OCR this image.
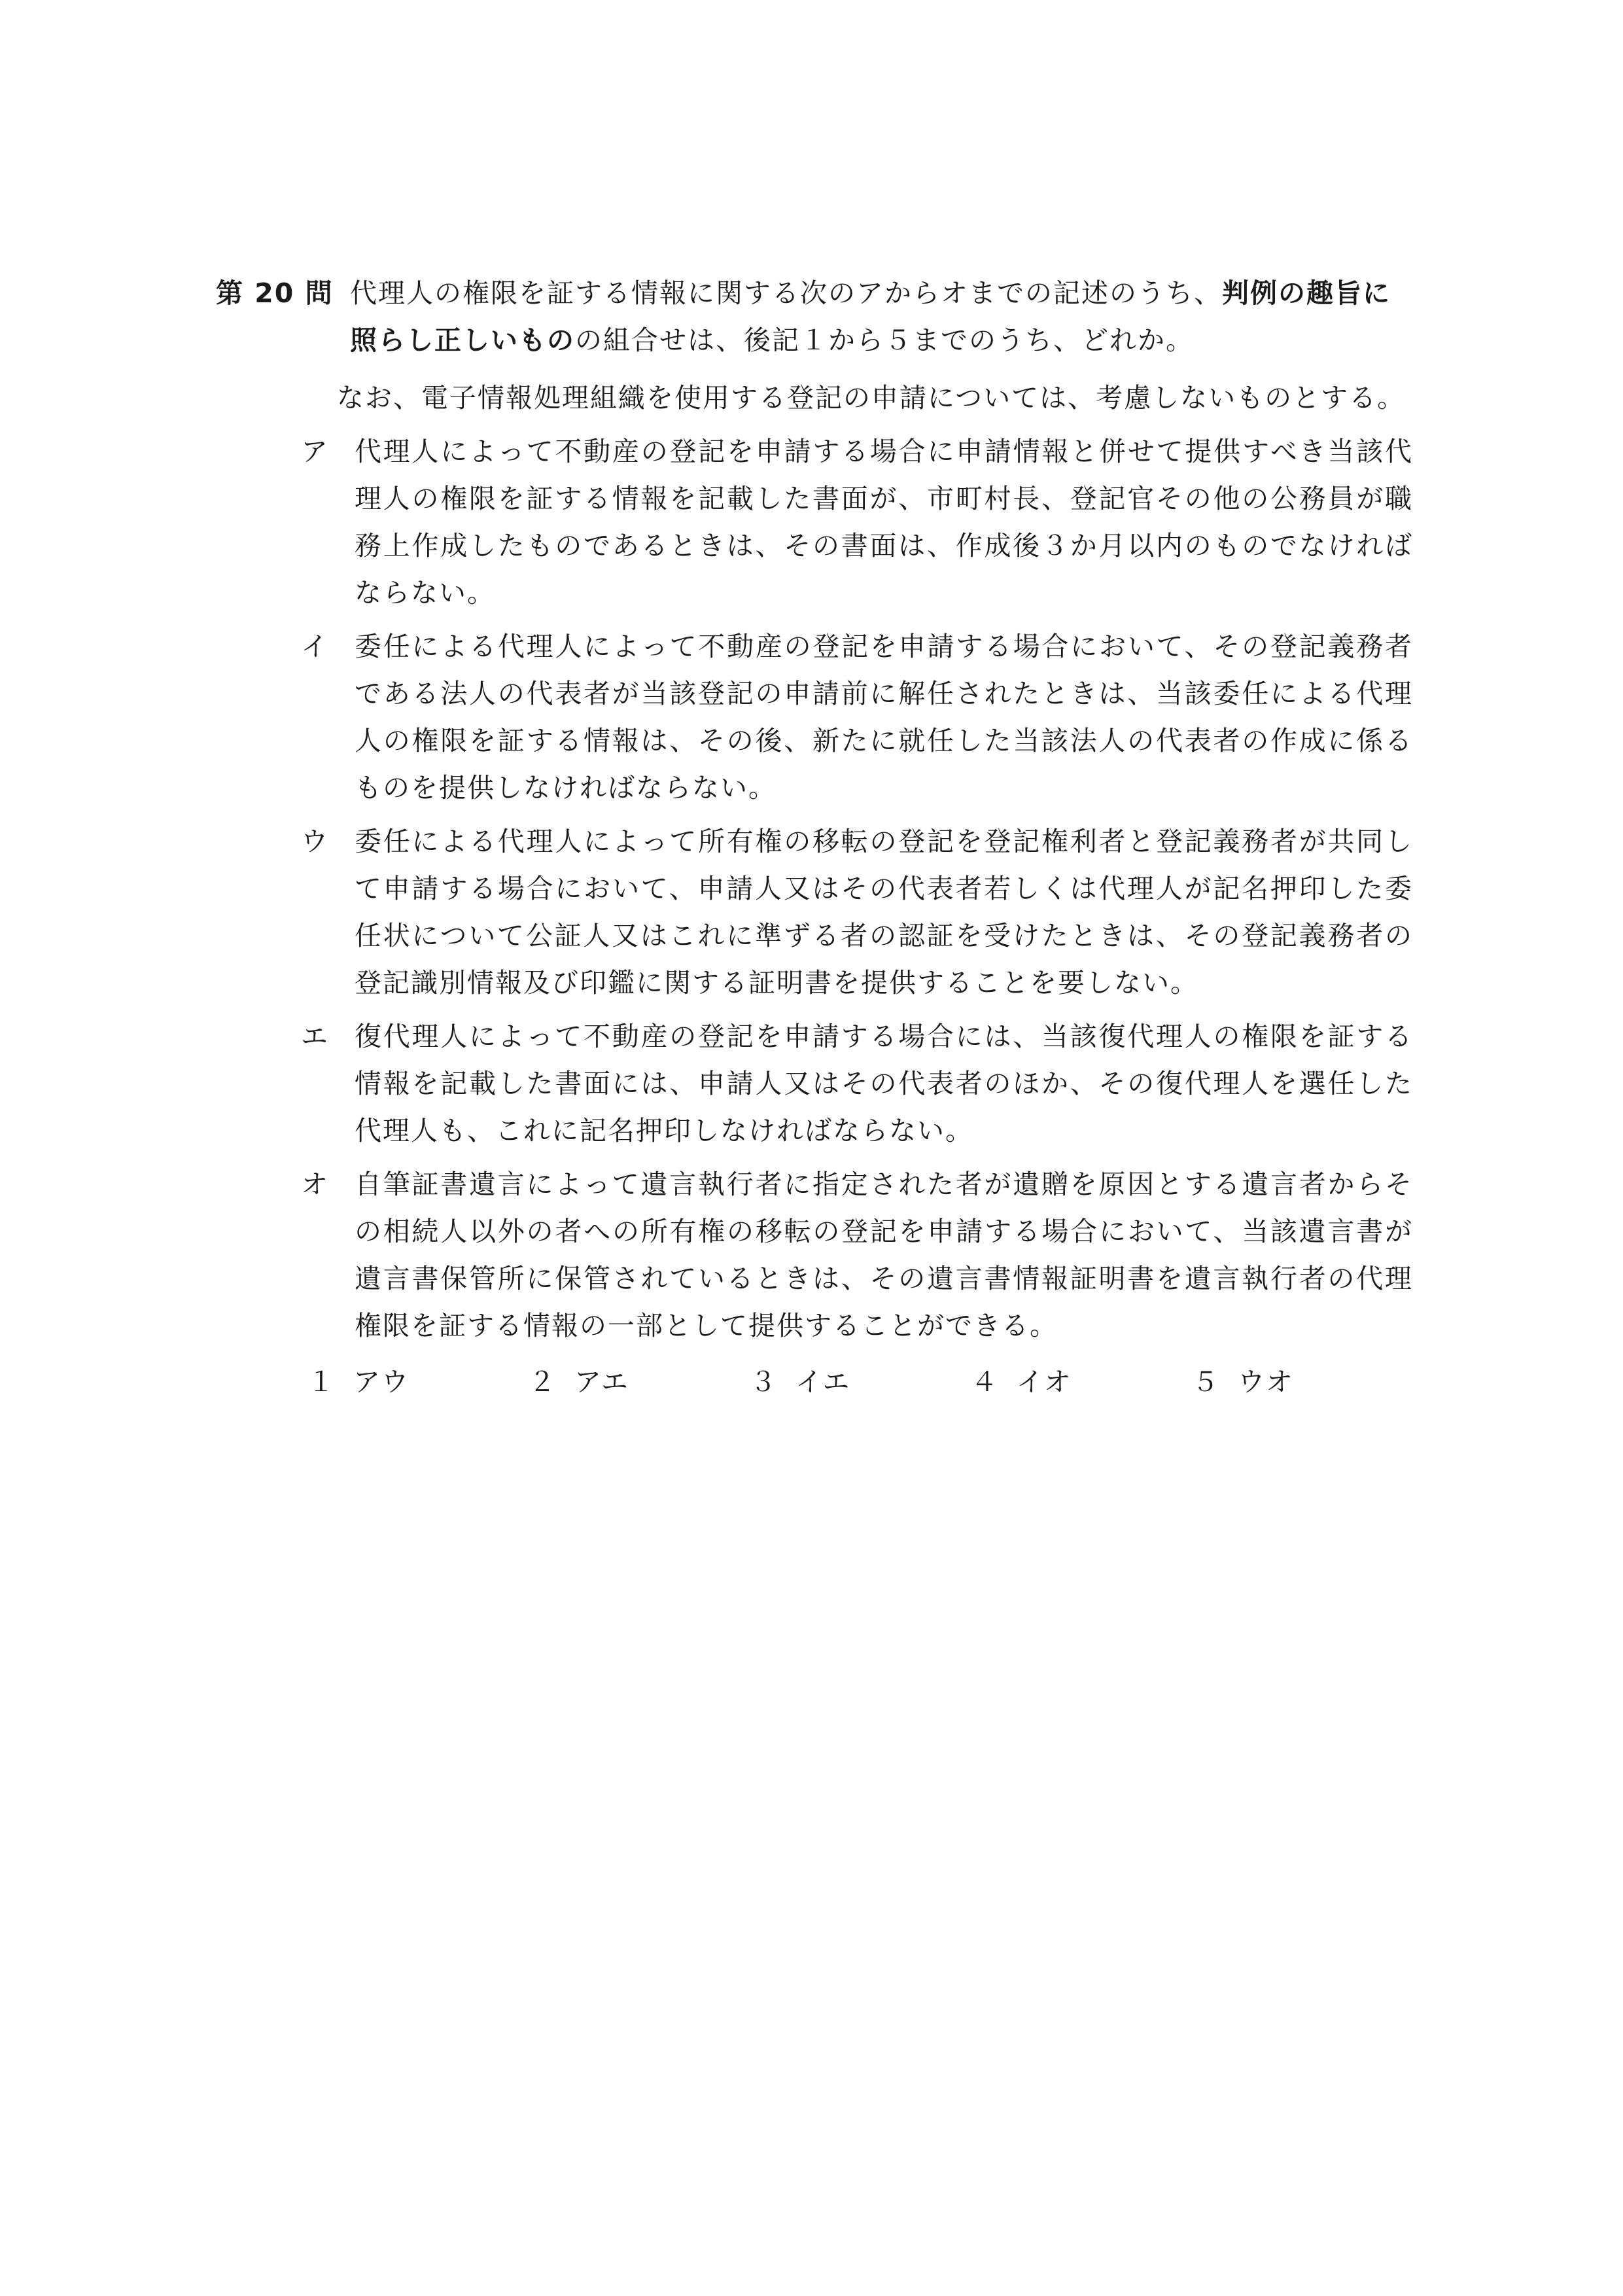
第 20 問 代理人の権限を証する情報に関する次のアからオまでの記述のうち、判例の趣旨に照らし正しいものの組合せは、後記１から５までのうち、どれか。
なお、電子情報処理組織を使用する登記の申請については、考慮しないものとする。
ア 代理人によって不動産の登記を申請する場合に申請情報と併せて提供すべき当該代理人の権限を証する情報を記載した書面が、市町村長、登記官その他の公務員が職務上作成したものであるときは、その書面は、作成後３か月以内のものでなければならない。
イ 委任による代理人によって不動産の登記を申請する場合において、その登記義務者である法人の代表者が当該登記の申請前に解任されたときは、当該委任による代理人の権限を証する情報は、その後、新たに就任した当該法人の代表者の作成に係るものを提供しなければならない。
ウ 委任による代理人によって所有権の移転の登記を登記権利者と登記義務者が共同して申請する場合において、申請人又はその代表者若しくは代理人が記名押印した委任状について公証人又はこれに準ずる者の認証を受けたときは、その登記義務者の登記識別情報及び印鑑に関する証明書を提供することを要しない。
エ 復代理人によって不動産の登記を申請する場合には、当該復代理人の権限を証する情報を記載した書面には、申請人又はその代表者のほか、その復代理人を選任した代理人も、これに記名押印しなければならない。
オ 自筆証書遺言によって遺言執行者に指定された者が遺贈を原因とする遺言者からその相続人以外の者への所有権の移転の登記を申請する場合において、当該遺言書が遺言書保管所に保管されているときは、その遺言書情報証明書を遺言執行者の代理権限を証する情報の一部として提供することができる。
１ アウ	２ アエ	３ イエ	４ イオ	５ ウオ
